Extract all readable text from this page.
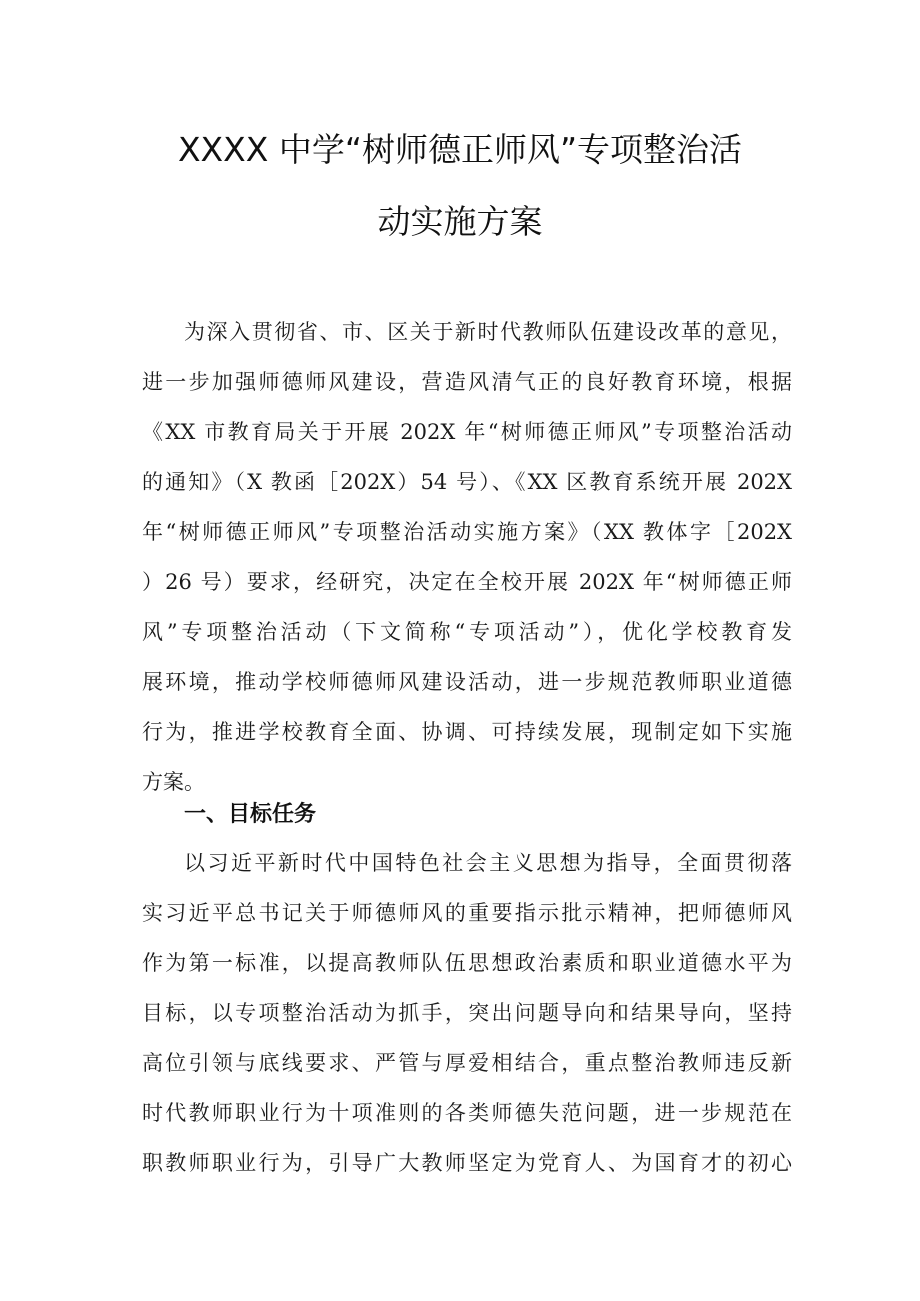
XXXX 中学“树师德正师风”专项整治活
动实施方案
为深入贯彻省、市、区关于新时代教师队伍建设改革的意见，
进一步加强师德师风建设，营造风清气正的良好教育环境，根据
《XX 市教育局关于开展 202X 年“树师德正师风”专项整治活动
的通知》（X 教函［202X）54 号）、《XX 区教育系统开展 202X
年“树师德正师风”专项整治活动实施方案》（XX 教体字［202X
）26 号）要求，经研究，决定在全校开展 202X 年“树师德正师
风”专项整治活动（下文简称“专项活动”），优化学校教育发
展环境，推动学校师德师风建设活动，进一步规范教师职业道德
行为，推进学校教育全面、协调、可持续发展，现制定如下实施
方案。
一、目标任务
以习近平新时代中国特色社会主义思想为指导，全面贯彻落
实习近平总书记关于师德师风的重要指示批示精神，把师德师风
作为第一标准，以提高教师队伍思想政治素质和职业道德水平为
目标，以专项整治活动为抓手，突出问题导向和结果导向，坚持
高位引领与底线要求、严管与厚爱相结合，重点整治教师违反新
时代教师职业行为十项准则的各类师德失范问题，进一步规范在
职教师职业行为，引导广大教师坚定为党育人、为国育才的初心
